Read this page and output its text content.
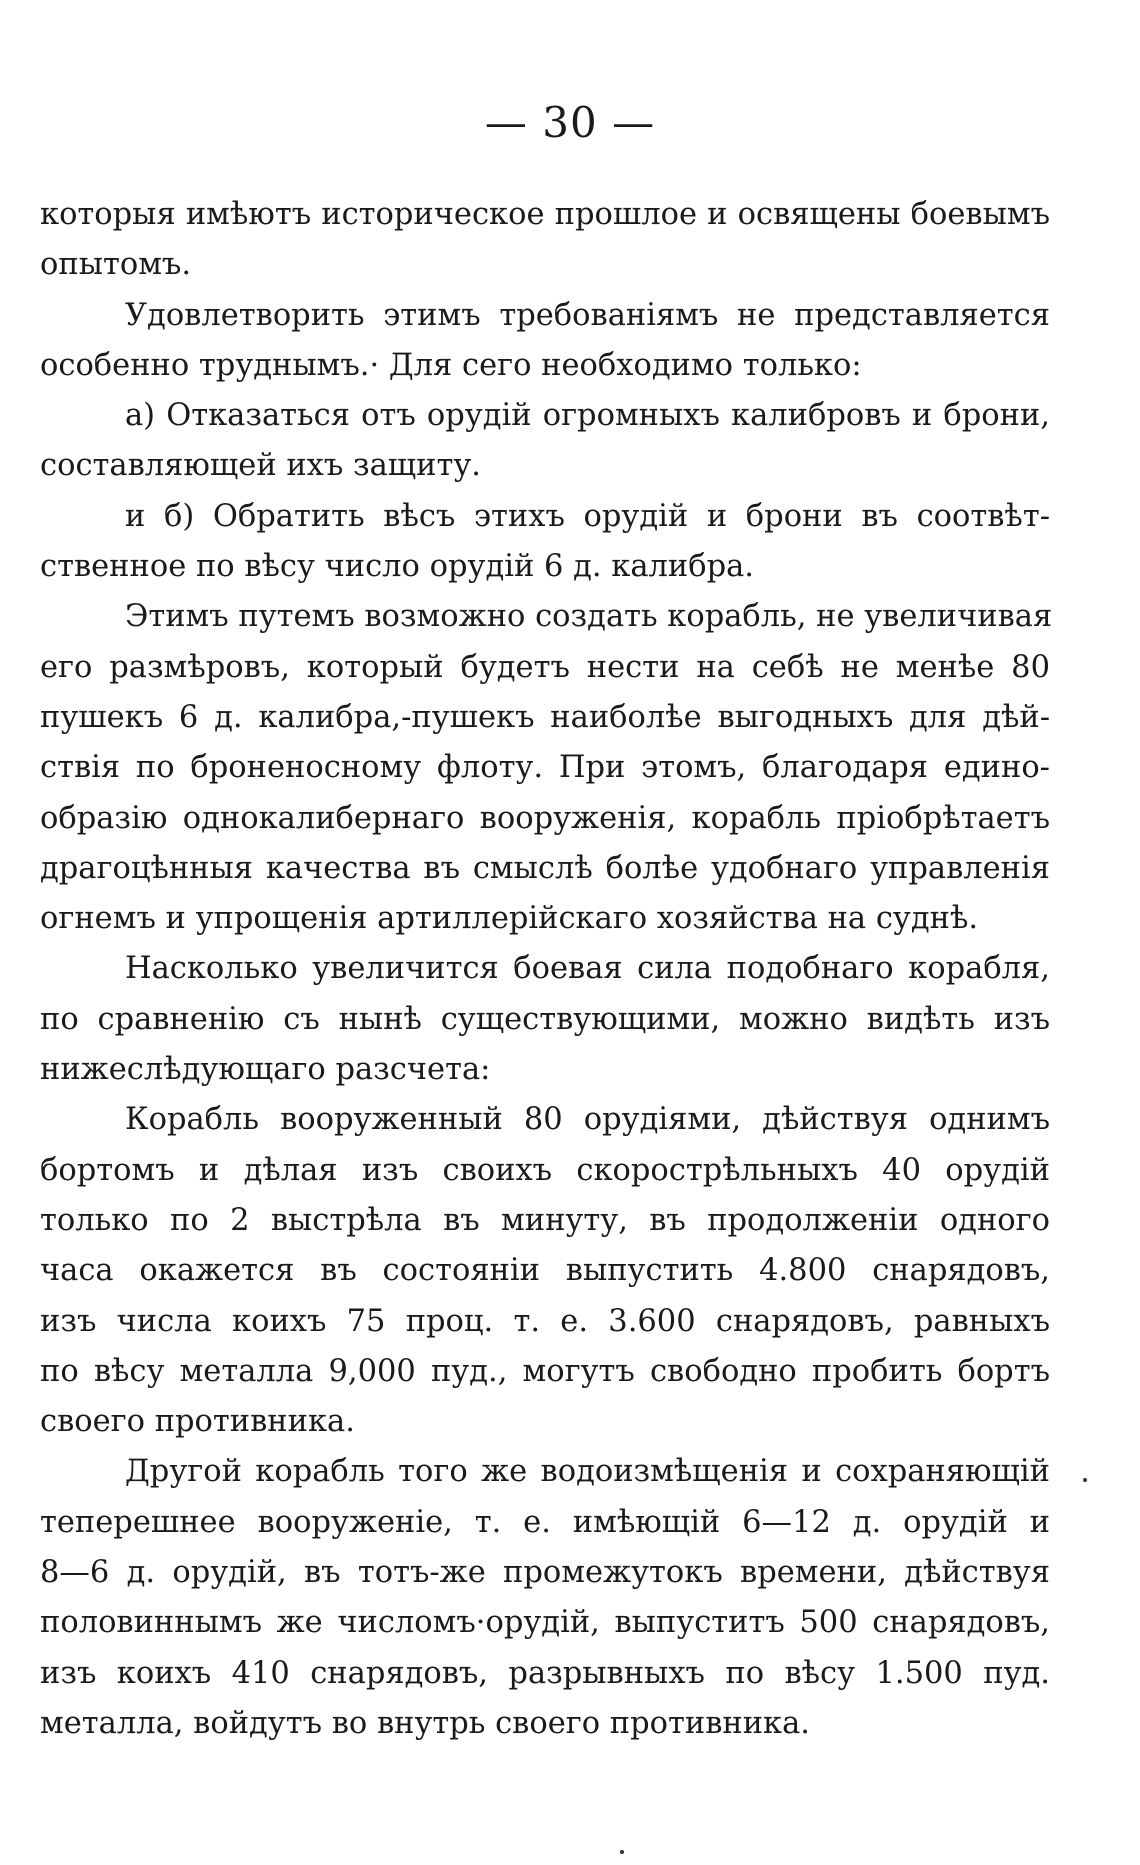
— 30 —
которыя имѣютъ историческое прошлое и освящены боевымъ
опытомъ.
Удовлетворить этимъ требованіямъ не представляется
особенно труднымъ.· Для сего необходимо только:
а) Отказаться отъ орудій огромныхъ калибровъ и брони,
составляющей ихъ защиту.
и б) Обратить вѣсъ этихъ орудій и брони въ соотвѣт-
ственное по вѣсу число орудій 6 д. калибра.
Этимъ путемъ возможно создать корабль, не увеличивая
его размѣровъ, который будетъ нести на себѣ не менѣе 80
пушекъ 6 д. калибра,-пушекъ наиболѣе выгодныхъ для дѣй-
ствія по броненосному флоту. При этомъ, благодаря едино-
образію однокалибернаго вооруженія, корабль пріобрѣтаетъ
драгоцѣнныя качества въ смыслѣ болѣе удобнаго управленія
огнемъ и упрощенія артиллерійскаго хозяйства на суднѣ.
Насколько увеличится боевая сила подобнаго корабля,
по сравненію съ нынѣ существующими, можно видѣть изъ
нижеслѣдующаго разсчета:
Корабль вооруженный 80 орудіями, дѣйствуя однимъ
бортомъ и дѣлая изъ своихъ скорострѣльныхъ 40 орудій
только по 2 выстрѣла въ минуту, въ продолженіи одного
часа окажется въ состояніи выпустить 4.800 снарядовъ,
изъ числа коихъ 75 проц. т. е. 3.600 снарядовъ, равныхъ
по вѣсу металла 9,000 пуд., могутъ свободно пробить бортъ
своего противника.
Другой корабль того же водоизмѣщенія и сохраняющій
теперешнее вооруженіе, т. е. имѣющій 6—12 д. орудій и
8—6 д. орудій, въ тотъ-же промежутокъ времени, дѣйствуя
половиннымъ же числомъ·орудій, выпуститъ 500 снарядовъ,
изъ коихъ 410 снарядовъ, разрывныхъ по вѣсу 1.500 пуд.
металла, войдутъ во внутрь своего противника.
